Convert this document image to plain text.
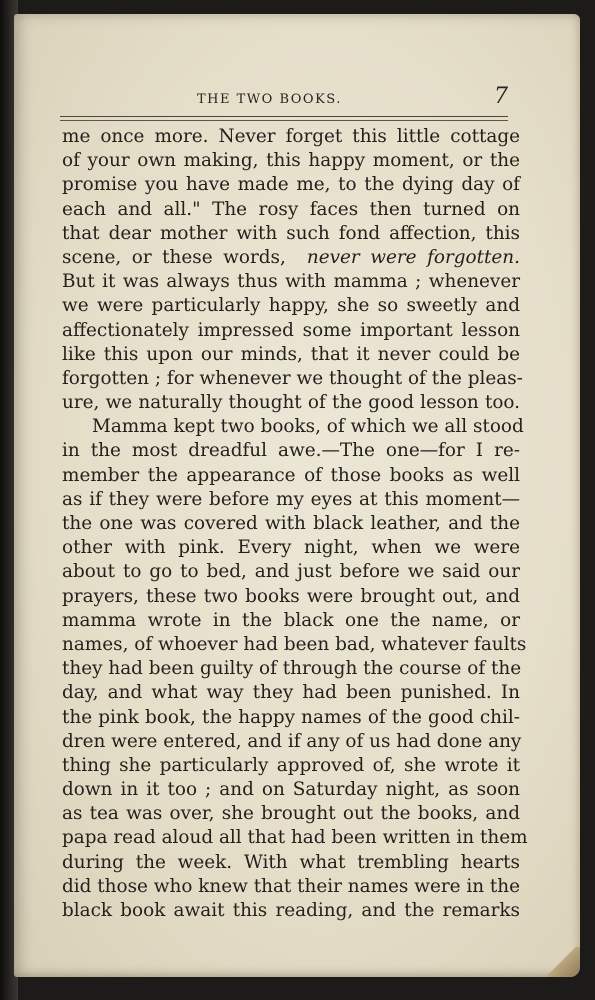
THE TWO BOOKS.	7
me once more. Never forget this little cottage
of your own making, this happy moment, or the
promise you have made me, to the dying day of
each and all." The rosy faces then turned on
that dear mother with such fond affection, this
scene, or these words, never were forgotten.
But it was always thus with mamma ; whenever
we were particularly happy, she so sweetly and
affectionately impressed some important lesson
like this upon our minds, that it never could be
forgotten ; for whenever we thought of the pleas-
ure, we naturally thought of the good lesson too.
Mamma kept two books, of which we all stood
in the most dreadful awe.—The one—for I re-
member the appearance of those books as well
as if they were before my eyes at this moment—
the one was covered with black leather, and the
other with pink. Every night, when we were
about to go to bed, and just before we said our
prayers, these two books were brought out, and
mamma wrote in the black one the name, or
names, of whoever had been bad, whatever faults
they had been guilty of through the course of the
day, and what way they had been punished. In
the pink book, the happy names of the good chil-
dren were entered, and if any of us had done any
thing she particularly approved of, she wrote it
down in it too ; and on Saturday night, as soon
as tea was over, she brought out the books, and
papa read aloud all that had been written in them
during the week. With what trembling hearts
did those who knew that their names were in the
black book await this reading, and the remarks
